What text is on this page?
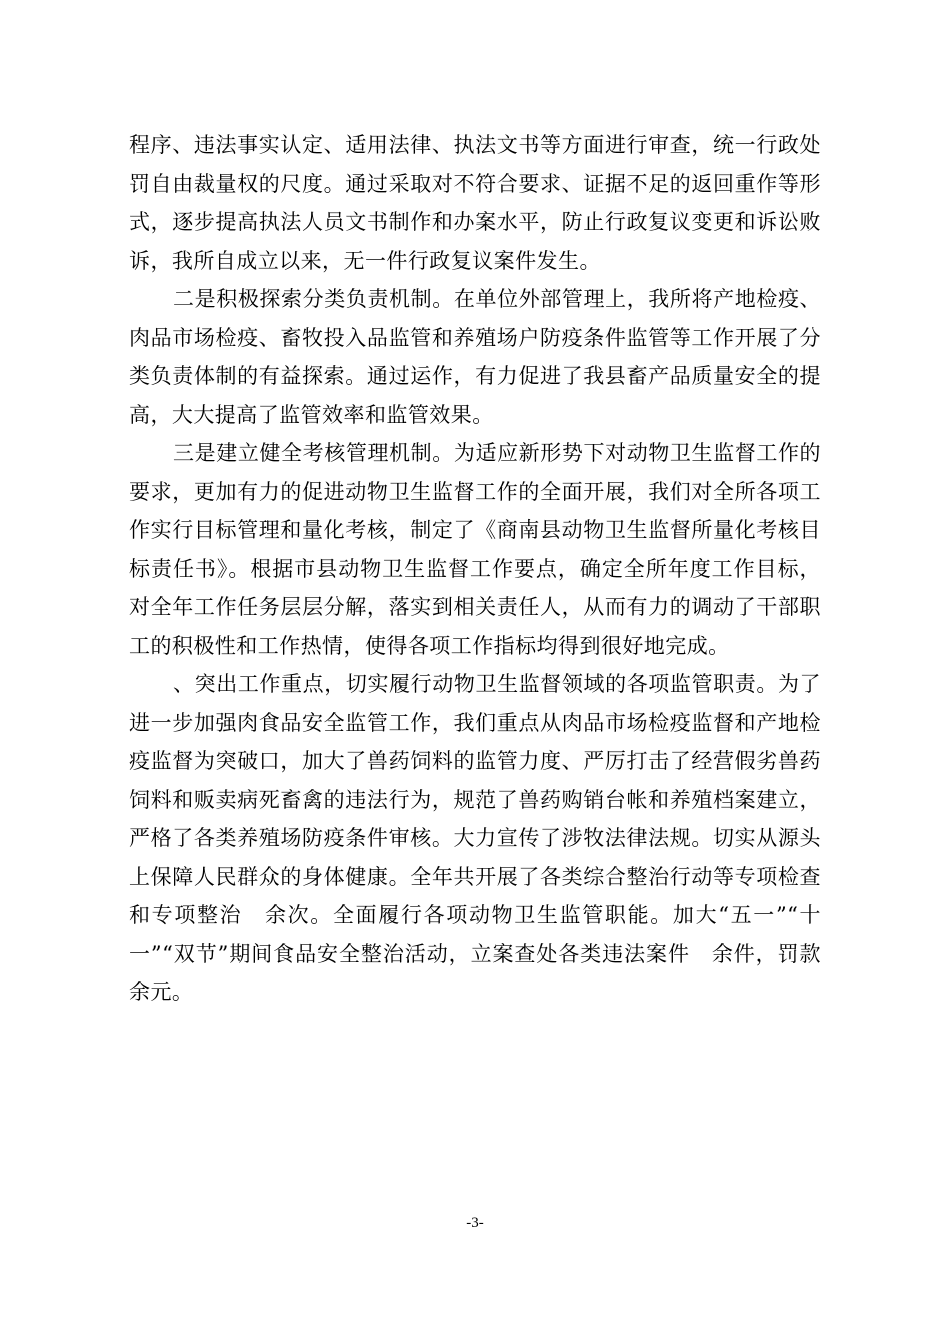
程序、违法事实认定、适用法律、执法文书等方面进行审查，统一行政处罚自由裁量权的尺度。通过采取对不符合要求、证据不足的返回重作等形式，逐步提高执法人员文书制作和办案水平，防止行政复议变更和诉讼败诉，我所自成立以来，无一件行政复议案件发生。

二是积极探索分类负责机制。在单位外部管理上，我所将产地检疫、肉品市场检疫、畜牧投入品监管和养殖场户防疫条件监管等工作开展了分类负责体制的有益探索。通过运作，有力促进了我县畜产品质量安全的提高，大大提高了监管效率和监管效果。

三是建立健全考核管理机制。为适应新形势下对动物卫生监督工作的要求，更加有力的促进动物卫生监督工作的全面开展，我们对全所各项工作实行目标管理和量化考核，制定了《商南县动物卫生监督所量化考核目标责任书》。根据市县动物卫生监督工作要点，确定全所年度工作目标，对全年工作任务层层分解，落实到相关责任人，从而有力的调动了干部职工的积极性和工作热情，使得各项工作指标均得到很好地完成。

、突出工作重点，切实履行动物卫生监督领域的各项监管职责。为了进一步加强肉食品安全监管工作，我们重点从肉品市场检疫监督和产地检疫监督为突破口，加大了兽药饲料的监管力度、严厉打击了经营假劣兽药饲料和贩卖病死畜禽的违法行为，规范了兽药购销台帐和养殖档案建立，严格了各类养殖场防疫条件审核。大力宣传了涉牧法律法规。切实从源头上保障人民群众的身体健康。全年共开展了各类综合整治行动等专项检查和专项整治　余次。全面履行各项动物卫生监管职能。加大“五一”“十一”“双节”期间食品安全整治活动，立案查处各类违法案件　余件，罚款　　余元。

-3-
